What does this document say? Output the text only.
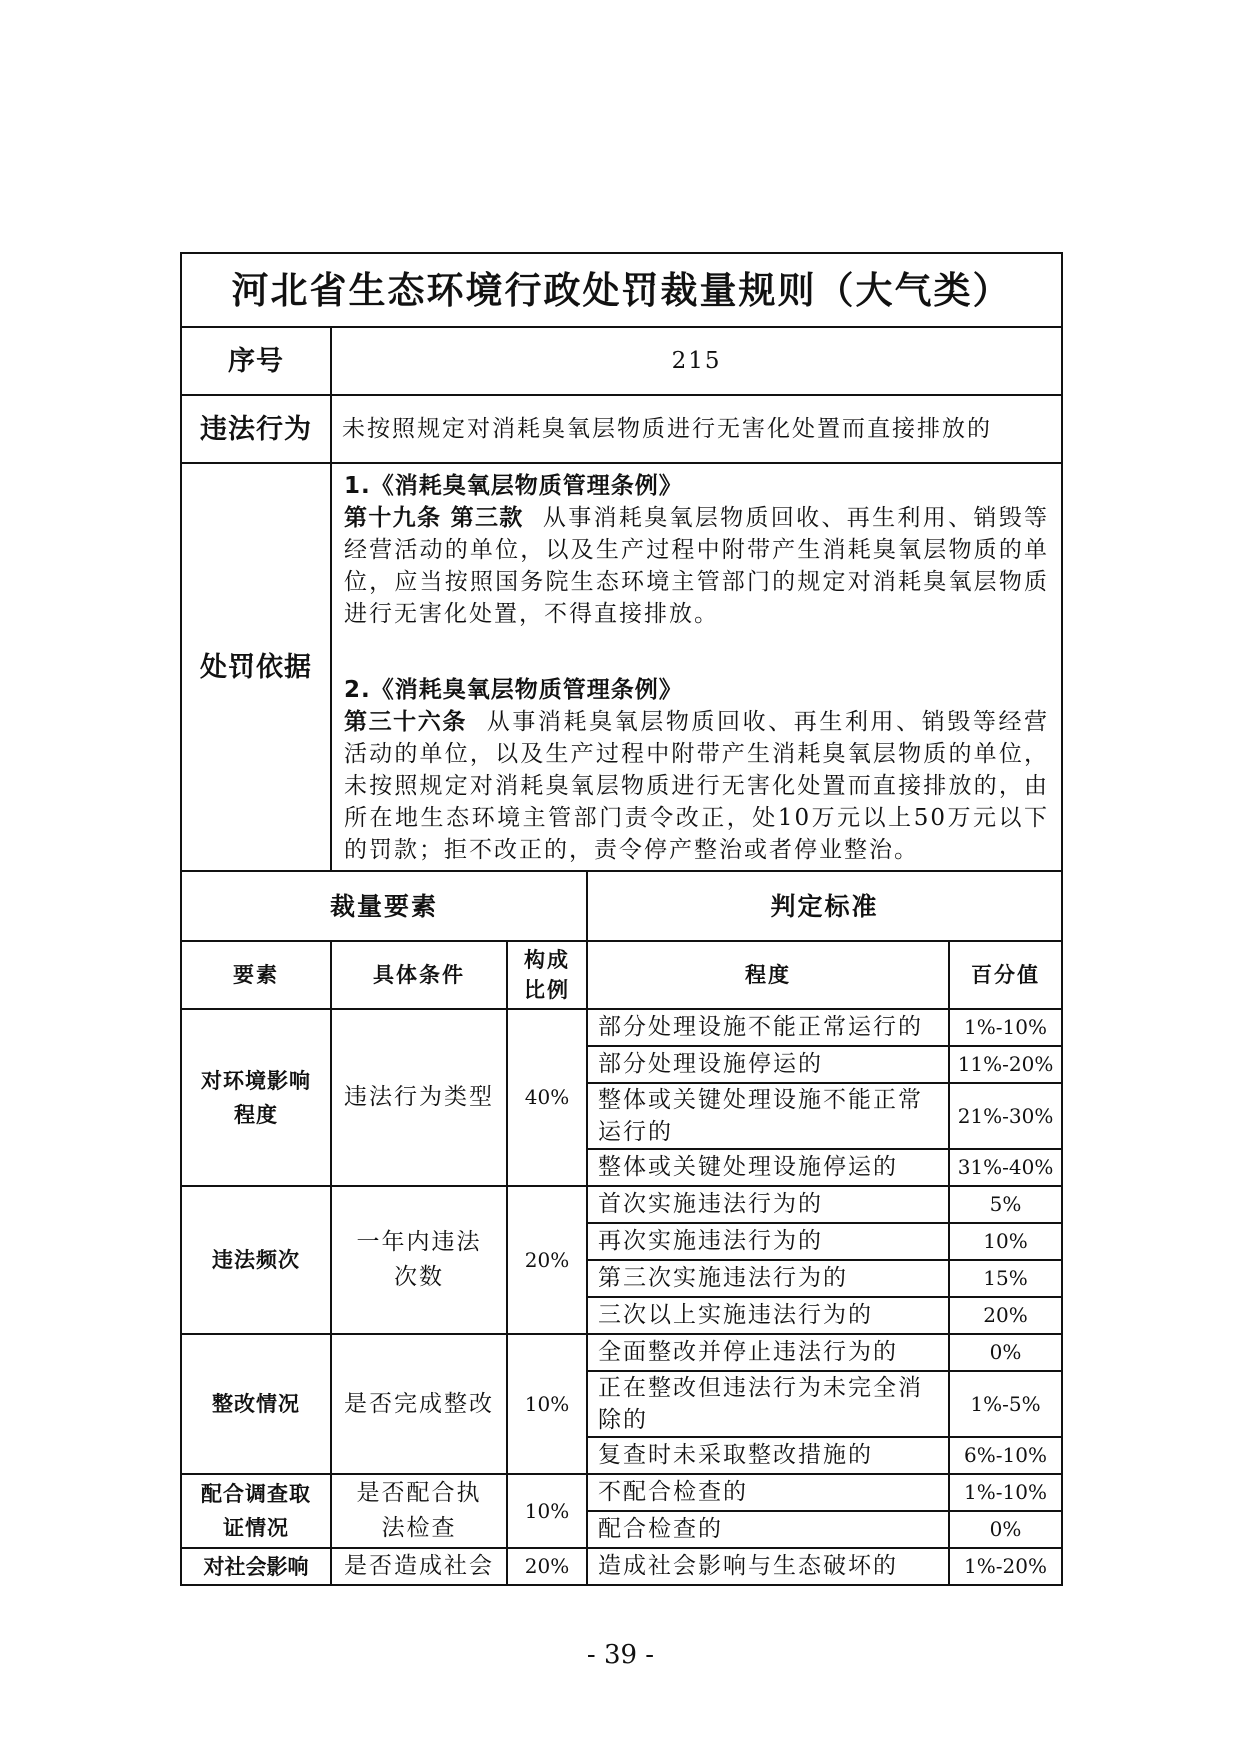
河北省生态环境行政处罚裁量规则（大气类）				
序号	215			
违法行为	未按照规定对消耗臭氧层物质进行无害化处置而直接排放的			
处罚依据	1.《消耗臭氧层物质管理条例》

第十九条 第三款 从事消耗臭氧层物质回收、再生利用、销毁等经营活动的单位，以及生产过程中附带产生消耗臭氧层物质的单位，应当按照国务院生态环境主管部门的规定对消耗臭氧层物质进行无害化处置，不得直接排放。

2.《消耗臭氧层物质管理条例》

第三十六条 从事消耗臭氧层物质回收、再生利用、销毁等经营活动的单位，以及生产过程中附带产生消耗臭氧层物质的单位，未按照规定对消耗臭氧层物质进行无害化处置而直接排放的，由所在地生态环境主管部门责令改正，处10万元以上50万元以下的罚款；拒不改正的，责令停产整治或者停业整治。			

裁量要素			判定标准	
要素	具体条件	构成比例	程度	百分值
对环境影响程度	违法行为类型	40%	部分处理设施不能正常运行的	1%-10%
			部分处理设施停运的	11%-20%
			整体或关键处理设施不能正常运行的	21%-30%
			整体或关键处理设施停运的	31%-40%
违法频次	一年内违法次数	20%	首次实施违法行为的	5%
			再次实施违法行为的	10%
			第三次实施违法行为的	15%
			三次以上实施违法行为的	20%
整改情况	是否完成整改	10%	全面整改并停止违法行为的	0%
			正在整改但违法行为未完全消除的	1%-5%
			复查时未采取整改措施的	6%-10%
配合调查取证情况	是否配合执法检查	10%	不配合检查的	1%-10%
			配合检查的	0%
对社会影响	是否造成社会	20%	造成社会影响与生态破坏的	1%-20%
- 39 -
